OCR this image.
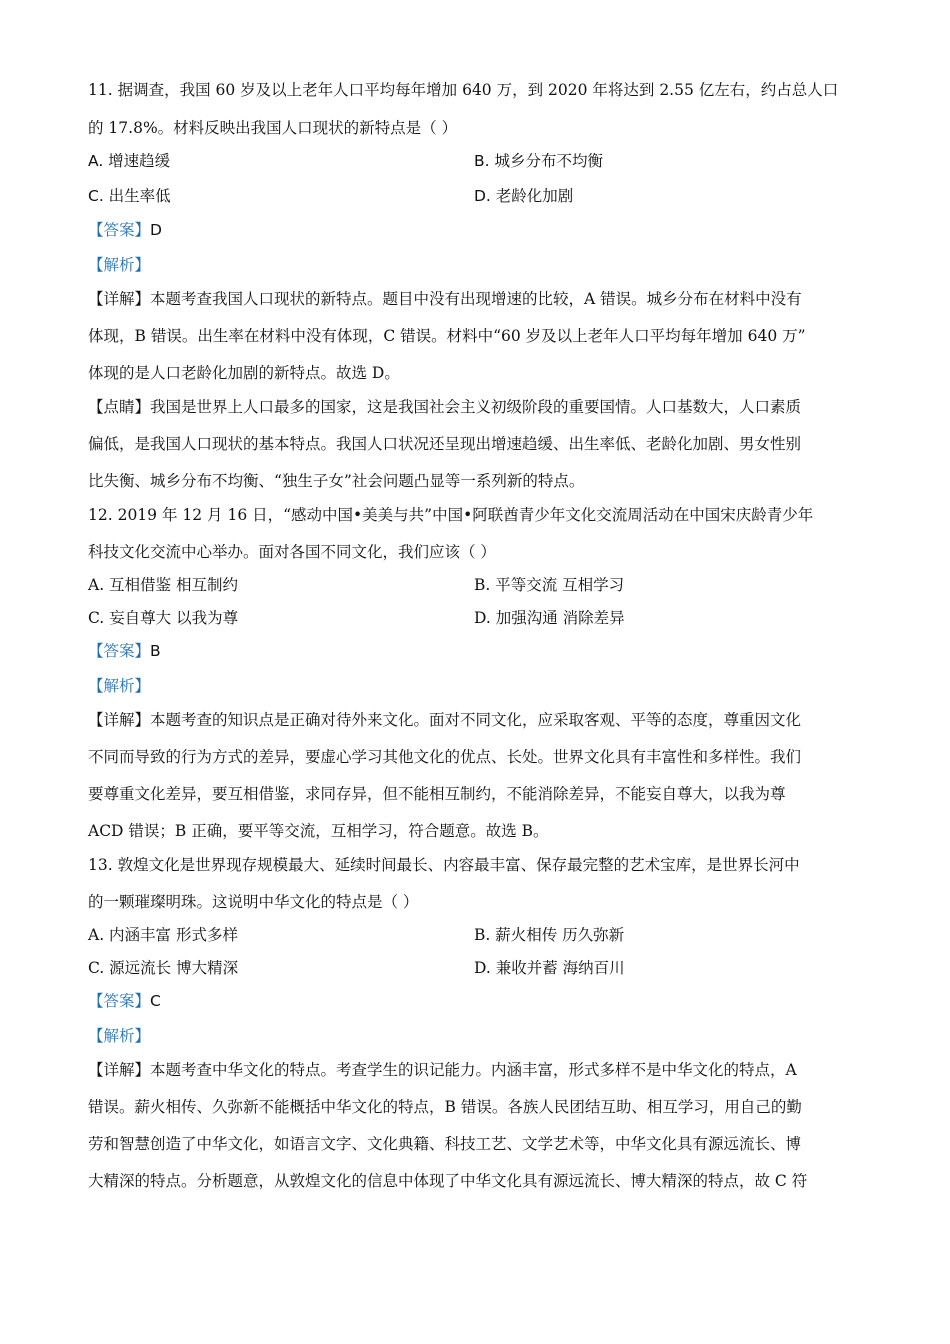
11. 据调查，我国 60 岁及以上老年人口平均每年增加 640 万，到 2020 年将达到 2.55 亿左右，约占总人口
的 17.8%。材料反映出我国人口现状的新特点是（ ）
A. 增速趋缓	B. 城乡分布不均衡
C. 出生率低	D. 老龄化加剧
【答案】D
【解析】
【详解】本题考查我国人口现状的新特点。题目中没有出现增速的比较，A 错误。城乡分布在材料中没有
体现，B 错误。出生率在材料中没有体现，C 错误。材料中“60 岁及以上老年人口平均每年增加 640 万”
体现的是人口老龄化加剧的新特点。故选 D。
【点睛】我国是世界上人口最多的国家，这是我国社会主义初级阶段的重要国情。人口基数大，人口素质
偏低，是我国人口现状的基本特点。我国人口状况还呈现出增速趋缓、出生率低、老龄化加剧、男女性别
比失衡、城乡分布不均衡、“独生子女”社会问题凸显等一系列新的特点。
12. 2019 年 12 月 16 日，“感动中国•美美与共”中国•阿联酋青少年文化交流周活动在中国宋庆龄青少年
科技文化交流中心举办。面对各国不同文化，我们应该（ ）
A. 互相借鉴 相互制约	B. 平等交流 互相学习
C. 妄自尊大 以我为尊	D. 加强沟通 消除差异
【答案】B
【解析】
【详解】本题考查的知识点是正确对待外来文化。面对不同文化，应采取客观、平等的态度，尊重因文化
不同而导致的行为方式的差异，要虚心学习其他文化的优点、长处。世界文化具有丰富性和多样性。我们
要尊重文化差异，要互相借鉴，求同存异，但不能相互制约，不能消除差异，不能妄自尊大，以我为尊
ACD 错误；B 正确，要平等交流，互相学习，符合题意。故选 B。
13. 敦煌文化是世界现存规模最大、延续时间最长、内容最丰富、保存最完整的艺术宝库，是世界长河中
的一颗璀璨明珠。这说明中华文化的特点是（ ）
A. 内涵丰富 形式多样	B. 薪火相传 历久弥新
C. 源远流长 博大精深	D. 兼收并蓄 海纳百川
【答案】C
【解析】
【详解】本题考查中华文化的特点。考查学生的识记能力。内涵丰富，形式多样不是中华文化的特点，A
错误。薪火相传、久弥新不能概括中华文化的特点，B 错误。各族人民团结互助、相互学习，用自己的勤
劳和智慧创造了中华文化，如语言文字、文化典籍、科技工艺、文学艺术等，中华文化具有源远流长、博
大精深的特点。分析题意，从敦煌文化的信息中体现了中华文化具有源远流长、博大精深的特点，故 C 符
